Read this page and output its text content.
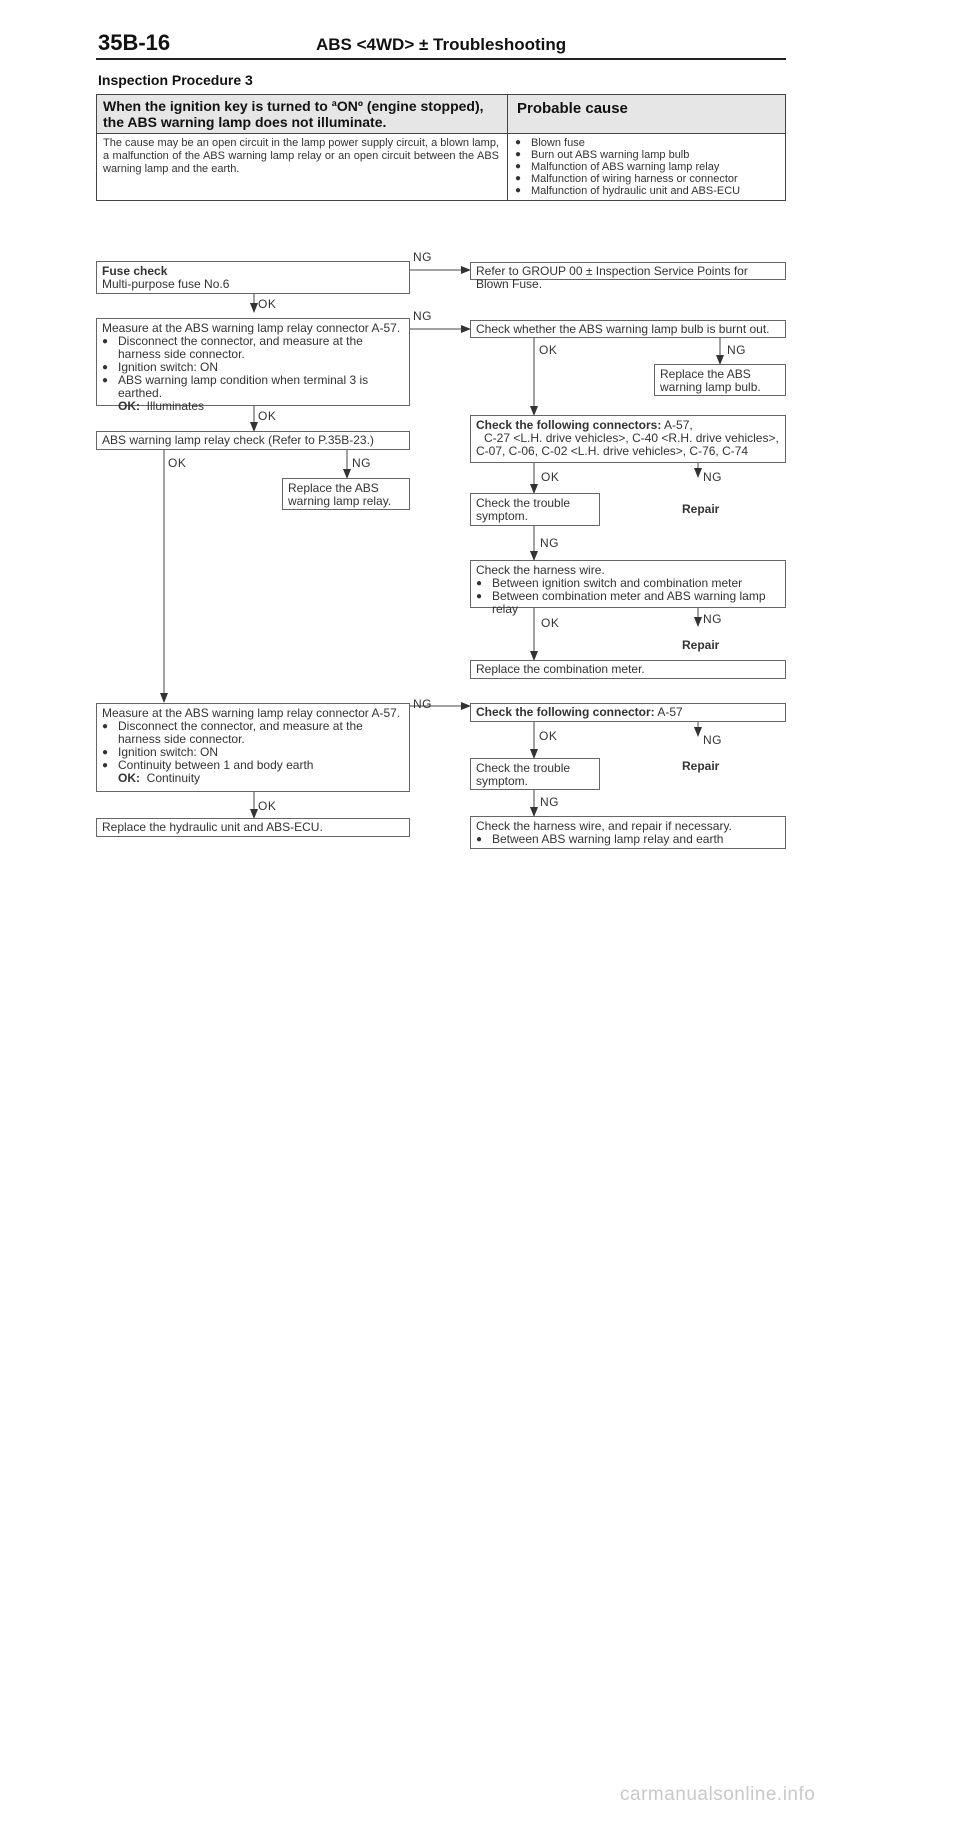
35B-16	ABS <4WD> ± Troubleshooting
Inspection Procedure 3
When the ignition key is turned to ªONº (engine stopped), the ABS warning lamp does not illuminate.
Probable cause
The cause may be an open circuit in the lamp power supply circuit, a blown lamp, a malfunction of the ABS warning lamp relay or an open circuit between the ABS warning lamp and the earth.
● Blown fuse
● Burn out ABS warning lamp bulb
● Malfunction of ABS warning lamp relay
● Malfunction of wiring harness or connector
● Malfunction of hydraulic unit and ABS-ECU
NG
OK
NG
OK	NG
OK
OK	NG
OK	NG
Repair
NG
NG
OK
Repair
NG
OK	NG
Repair
NG
OK
Fuse check
Multi-purpose fuse No.6
Refer to GROUP 00 ± Inspection Service Points for Blown Fuse.
Measure at the ABS warning lamp relay connector A-57.
● Disconnect the connector, and measure at the harness side connector.
● Ignition switch: ON
● ABS warning lamp condition when terminal 3 is earthed.
OK: Illuminates
Check whether the ABS warning lamp bulb is burnt out.
Replace the ABS warning lamp bulb.
ABS warning lamp relay check (Refer to P.35B-23.)
Replace the ABS warning lamp relay.
Check the following connectors: A-57,
C-27 <L.H. drive vehicles>, C-40 <R.H. drive vehicles>,
C-07, C-06, C-02 <L.H. drive vehicles>, C-76, C-74
Check the trouble symptom.
Check the harness wire.
● Between ignition switch and combination meter
● Between combination meter and ABS warning lamp relay
Replace the combination meter.
Measure at the ABS warning lamp relay connector A-57.
● Disconnect the connector, and measure at the harness side connector.
● Ignition switch: ON
● Continuity between 1 and body earth
OK: Continuity
Check the following connector: A-57
Check the trouble symptom.
Replace the hydraulic unit and ABS-ECU.	Check the harness wire, and repair if necessary.
● Between ABS warning lamp relay and earth
carmanualsonline.info
